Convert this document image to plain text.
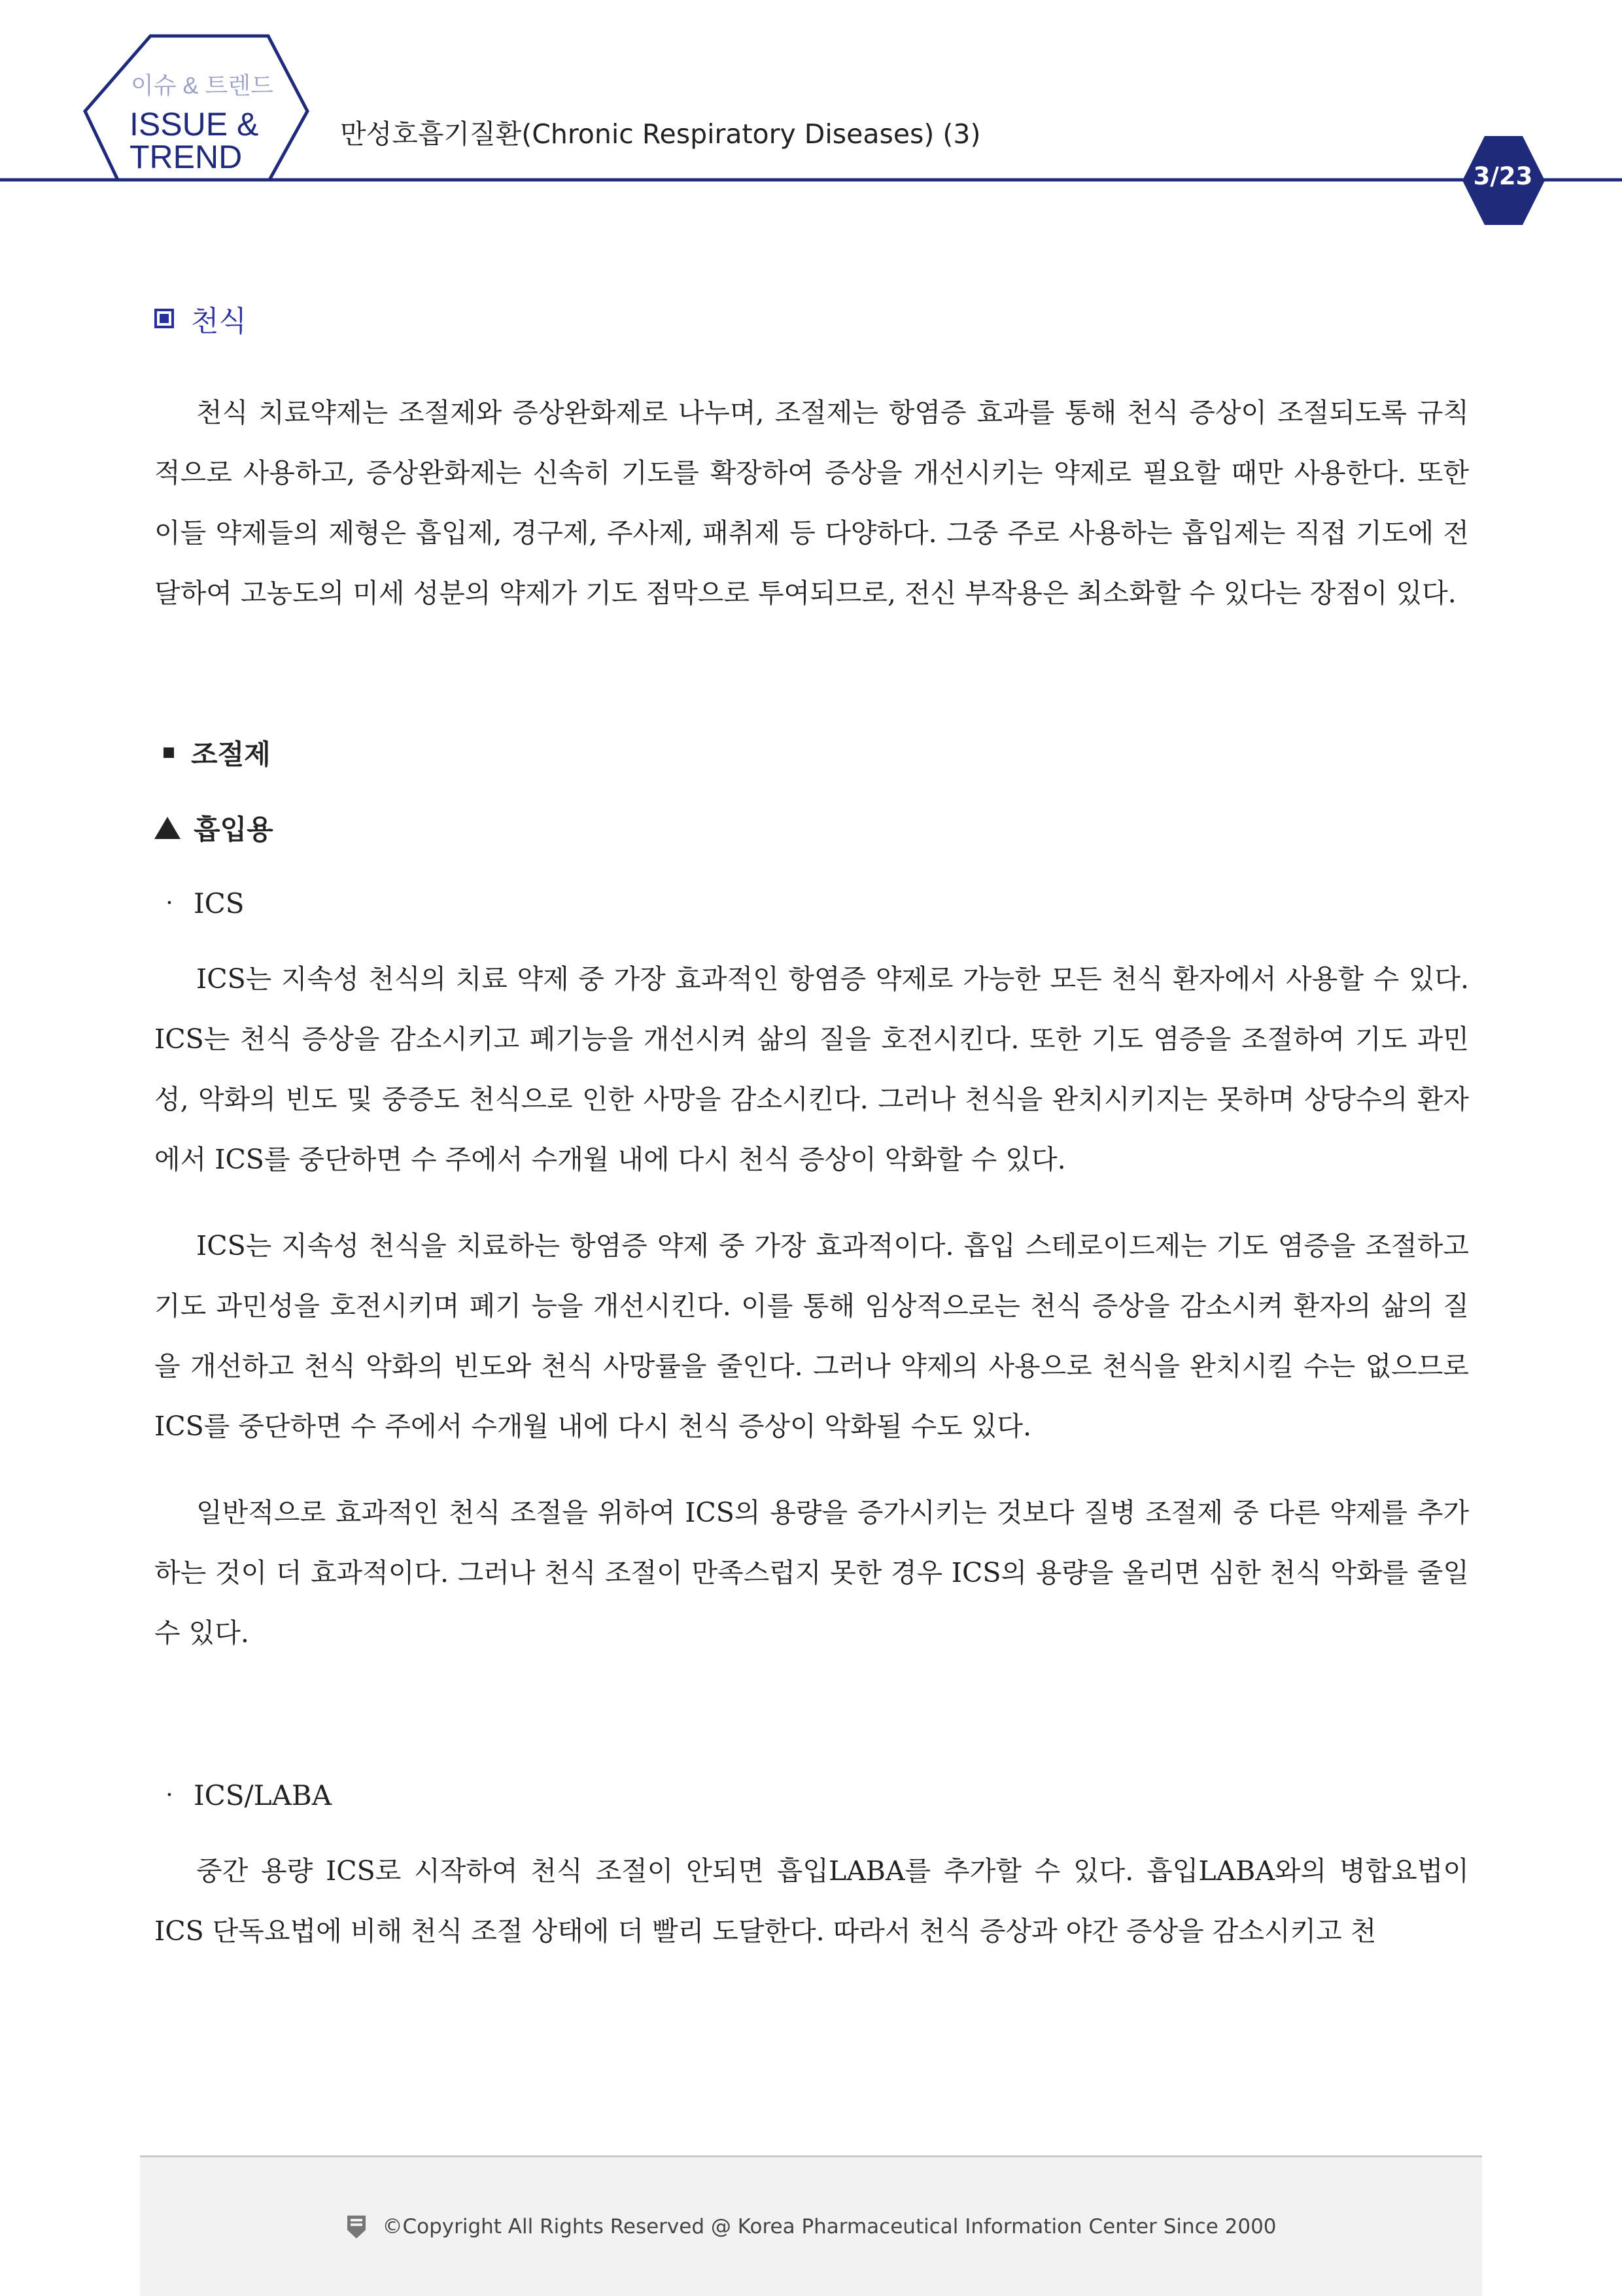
이슈 & 트렌드
ISSUE &
TREND
만성호흡기질환(Chronic Respiratory Diseases) (3)
3/23
천식

천식 치료약제는 조절제와 증상완화제로 나누며, 조절제는 항염증 효과를 통해 천식 증상이 조절되도록 규칙적으로 사용하고, 증상완화제는 신속히 기도를 확장하여 증상을 개선시키는 약제로 필요할 때만 사용한다. 또한 이들 약제들의 제형은 흡입제, 경구제, 주사제, 패취제 등 다양하다. 그중 주로 사용하는 흡입제는 직접 기도에 전달하여 고농도의 미세 성분의 약제가 기도 점막으로 투여되므로, 전신 부작용은 최소화할 수 있다는 장점이 있다.

조절제
흡입용
· ICS

ICS는 지속성 천식의 치료 약제 중 가장 효과적인 항염증 약제로 가능한 모든 천식 환자에서 사용할 수 있다. ICS는 천식 증상을 감소시키고 폐기능을 개선시켜 삶의 질을 호전시킨다. 또한 기도 염증을 조절하여 기도 과민성, 악화의 빈도 및 중증도 천식으로 인한 사망을 감소시킨다. 그러나 천식을 완치시키지는 못하며 상당수의 환자에서 ICS를 중단하면 수 주에서 수개월 내에 다시 천식 증상이 악화할 수 있다.

ICS는 지속성 천식을 치료하는 항염증 약제 중 가장 효과적이다. 흡입 스테로이드제는 기도 염증을 조절하고 기도 과민성을 호전시키며 폐기 능을 개선시킨다. 이를 통해 임상적으로는 천식 증상을 감소시켜 환자의 삶의 질을 개선하고 천식 악화의 빈도와 천식 사망률을 줄인다. 그러나 약제의 사용으로 천식을 완치시킬 수는 없으므로 ICS를 중단하면 수 주에서 수개월 내에 다시 천식 증상이 악화될 수도 있다.

일반적으로 효과적인 천식 조절을 위하여 ICS의 용량을 증가시키는 것보다 질병 조절제 중 다른 약제를 추가 하는 것이 더 효과적이다. 그러나 천식 조절이 만족스럽지 못한 경우 ICS의 용량을 올리면 심한 천식 악화를 줄일 수 있다.

· ICS/LABA

중간 용량 ICS로 시작하여 천식 조절이 안되면 흡입LABA를 추가할 수 있다. 흡입LABA와의 병합요법이 ICS 단독요법에 비해 천식 조절 상태에 더 빨리 도달한다. 따라서 천식 증상과 야간 증상을 감소시키고 천

©Copyright All Rights Reserved @ Korea Pharmaceutical Information Center Since 2000
